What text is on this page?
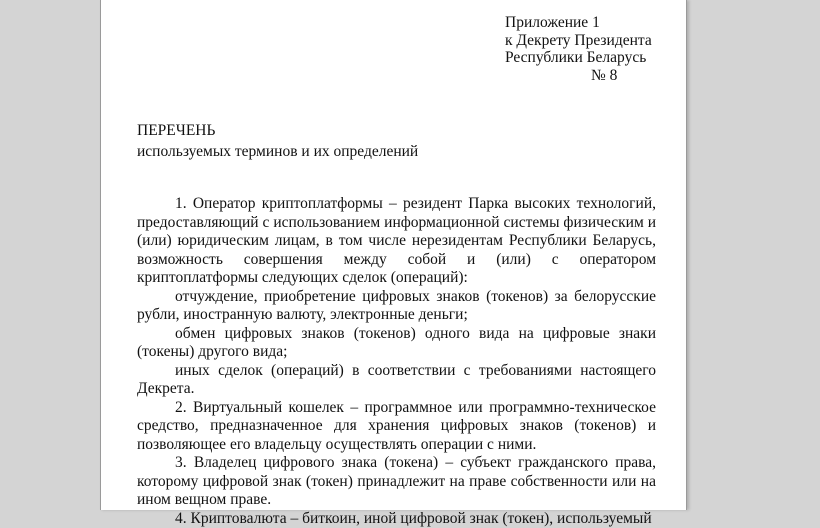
Приложение 1
к Декрету Президента
Республики Беларусь
№ 8
ПЕРЕЧЕНЬ
используемых терминов и их определений

1. Оператор криптоплатформы – резидент Парка высоких технологий, предоставляющий с использованием информационной системы физическим и (или) юридическим лицам, в том числе нерезидентам Республики Беларусь, возможность совершения между собой и (или) с оператором криптоплатформы следующих сделок (операций):

отчуждение, приобретение цифровых знаков (токенов) за белорусские рубли, иностранную валюту, электронные деньги;

обмен цифровых знаков (токенов) одного вида на цифровые знаки (токены) другого вида;

иных сделок (операций) в соответствии с требованиями настоящего Декрета.

2. Виртуальный кошелек – программное или программно-техническое средство, предназначенное для хранения цифровых знаков (токенов) и позволяющее его владельцу осуществлять операции с ними.

3. Владелец цифрового знака (токена) – субъект гражданского права, которому цифровой знак (токен) принадлежит на праве собственности или на ином вещном праве.

4. Криптовалюта – биткоин, иной цифровой знак (токен), используемый
